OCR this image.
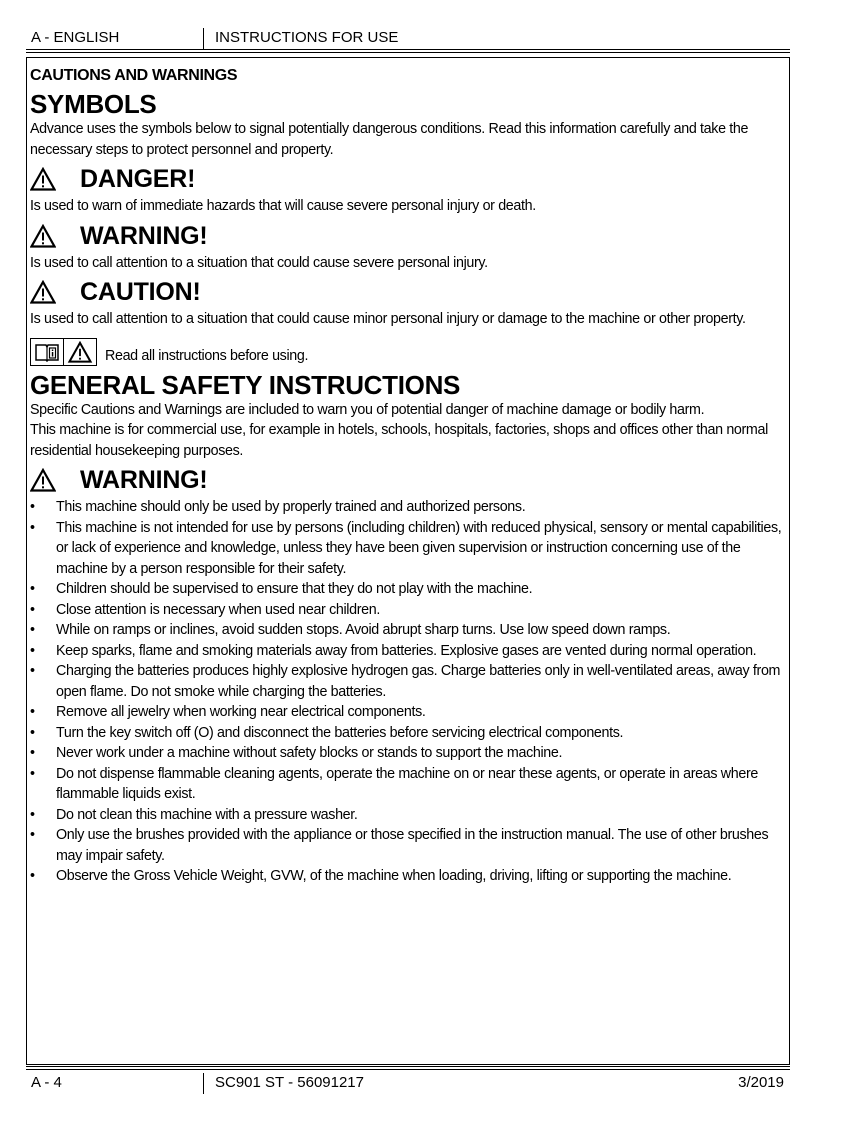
A - ENGLISH	INSTRUCTIONS FOR USE
CAUTIONS AND WARNINGS
SYMBOLS

Advance uses the symbols below to signal potentially dangerous conditions. Read this information carefully and take the necessary steps to protect personnel and property.

DANGER!

Is used to warn of immediate hazards that will cause severe personal injury or death.

WARNING!

Is used to call attention to a situation that could cause severe personal injury.

CAUTION!

Is used to call attention to a situation that could cause minor personal injury or damage to the machine or other property.

Read all instructions before using.
GENERAL SAFETY INSTRUCTIONS

Specific Cautions and Warnings are included to warn you of potential danger of machine damage or bodily harm.

This machine is for commercial use, for example in hotels, schools, hospitals, factories, shops and offices other than normal residential housekeeping purposes.

WARNING!
• This machine should only be used by properly trained and authorized persons.
• This machine is not intended for use by persons (including children) with reduced physical, sensory or mental capabilities, or lack of experience and knowledge, unless they have been given supervision or instruction concerning use of the machine by a person responsible for their safety.
• Children should be supervised to ensure that they do not play with the machine.
• Close attention is necessary when used near children.
• While on ramps or inclines, avoid sudden stops. Avoid abrupt sharp turns. Use low speed down ramps.
• Keep sparks, flame and smoking materials away from batteries. Explosive gases are vented during normal operation.
• Charging the batteries produces highly explosive hydrogen gas. Charge batteries only in well-ventilated areas, away from open flame. Do not smoke while charging the batteries.
• Remove all jewelry when working near electrical components.
• Turn the key switch off (O) and disconnect the batteries before servicing electrical components.
• Never work under a machine without safety blocks or stands to support the machine.
• Do not dispense flammable cleaning agents, operate the machine on or near these agents, or operate in areas where flammable liquids exist.
• Do not clean this machine with a pressure washer.
• Only use the brushes provided with the appliance or those specified in the instruction manual. The use of other brushes may impair safety.
• Observe the Gross Vehicle Weight, GVW, of the machine when loading, driving, lifting or supporting the machine.
A - 4	SC901 ST - 56091217	3/2019
